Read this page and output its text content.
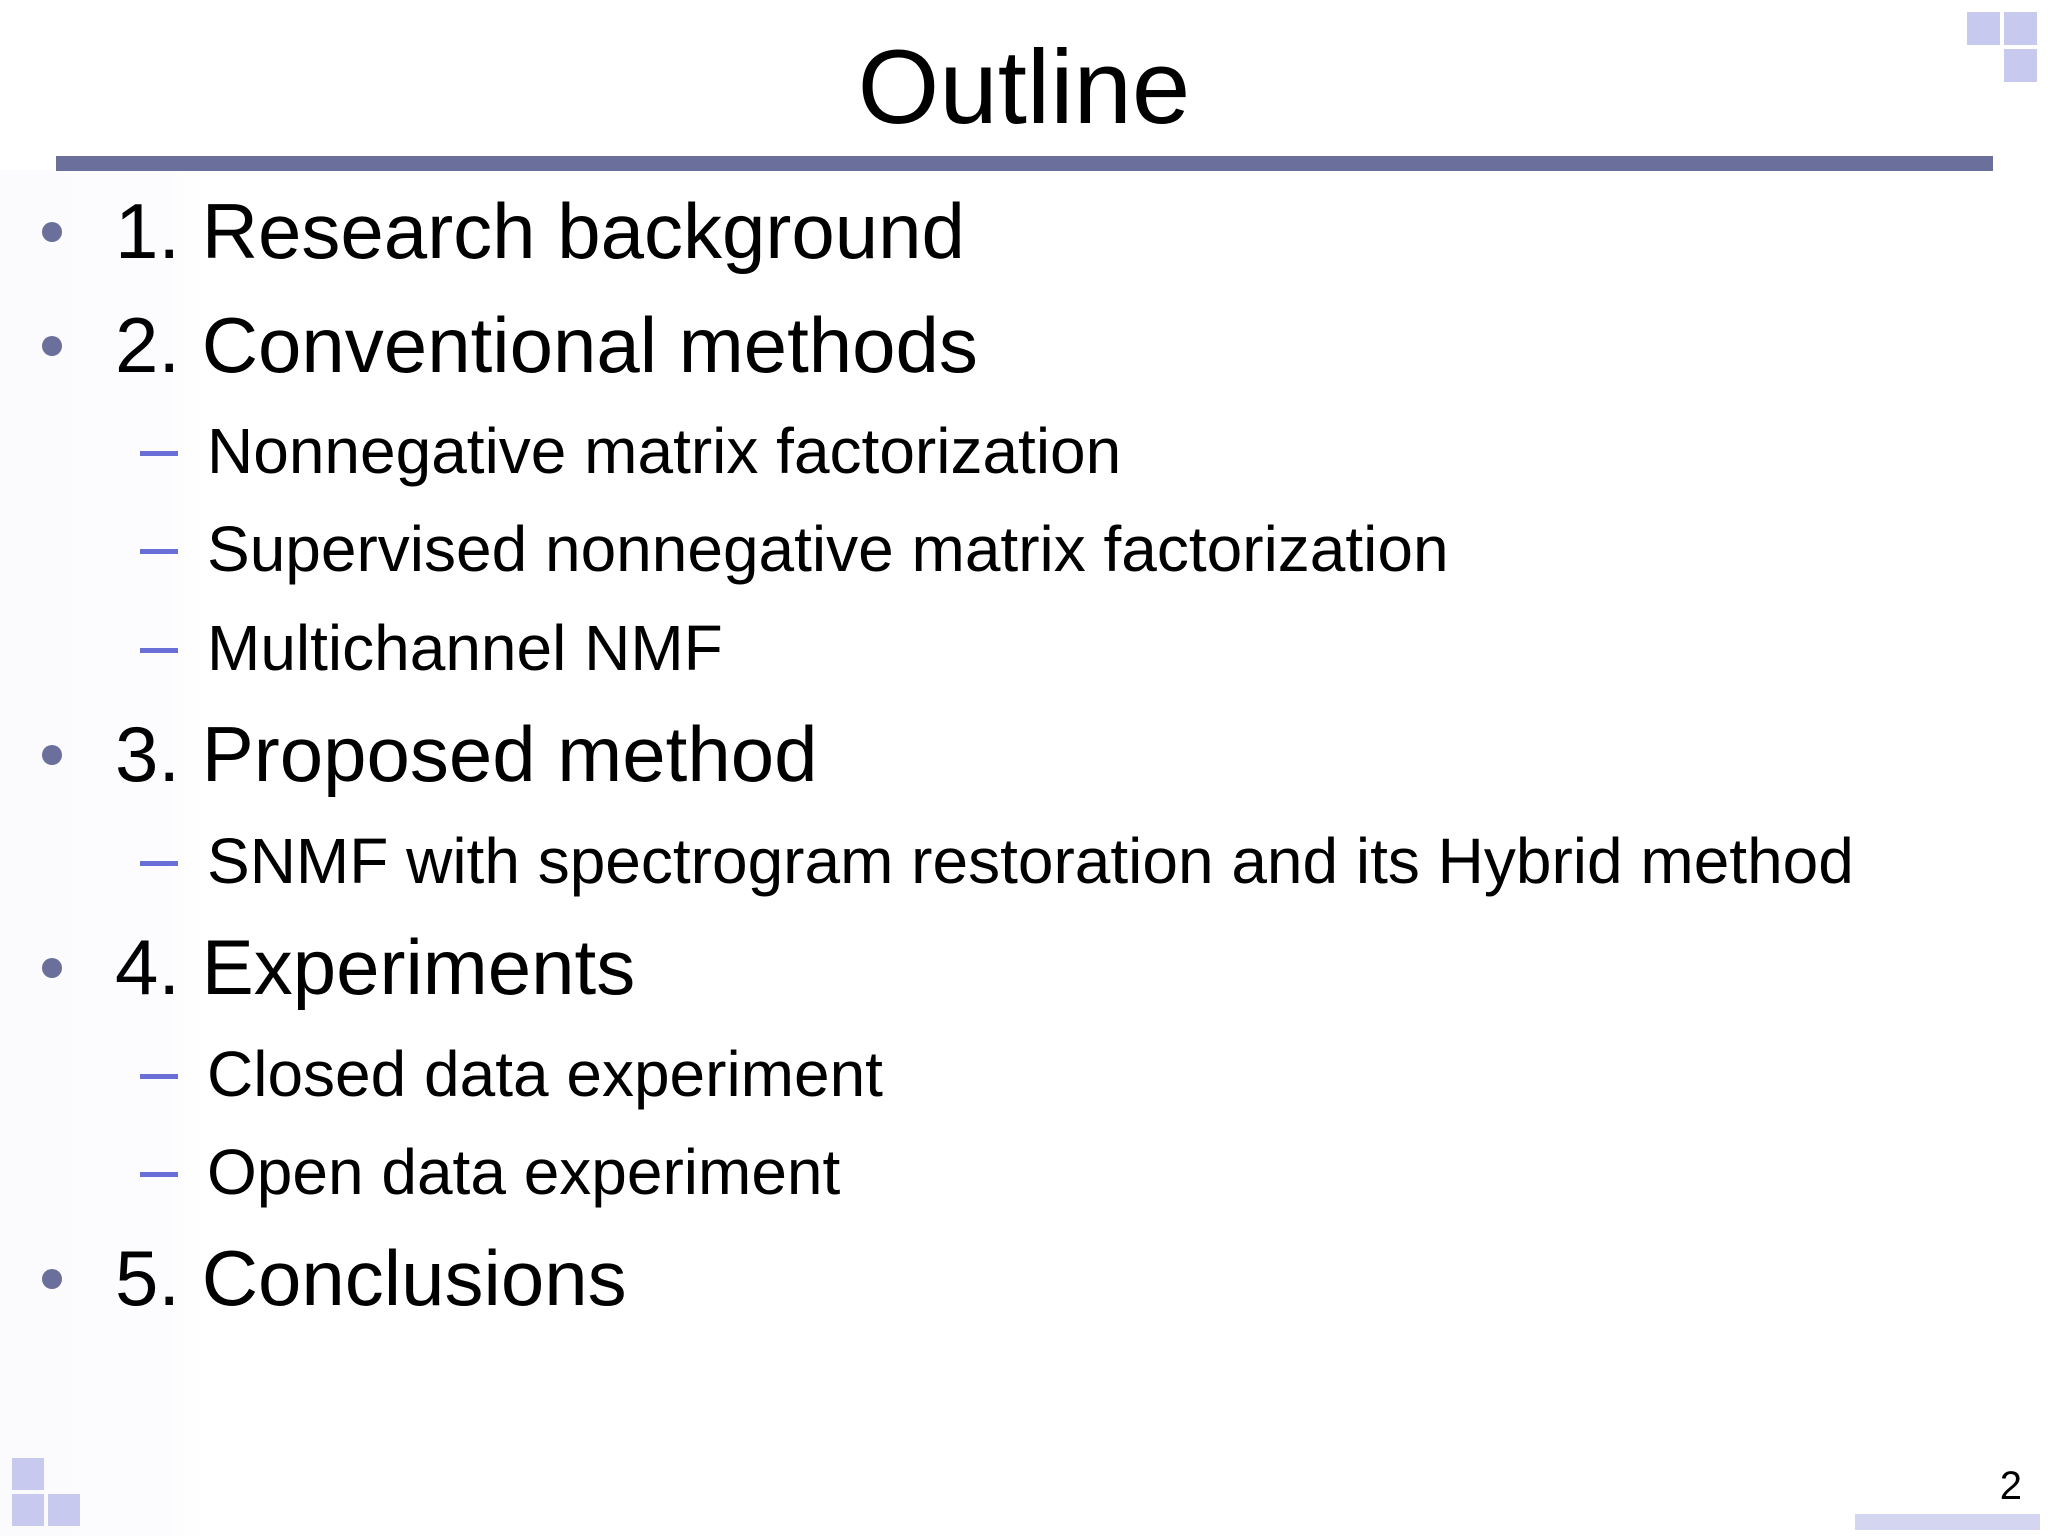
Outline
1. Research background
2. Conventional methods
Nonnegative matrix factorization
Supervised nonnegative matrix factorization
Multichannel NMF
3. Proposed method
SNMF with spectrogram restoration and its Hybrid method
4. Experiments
Closed data experiment
Open data experiment
5. Conclusions
2
